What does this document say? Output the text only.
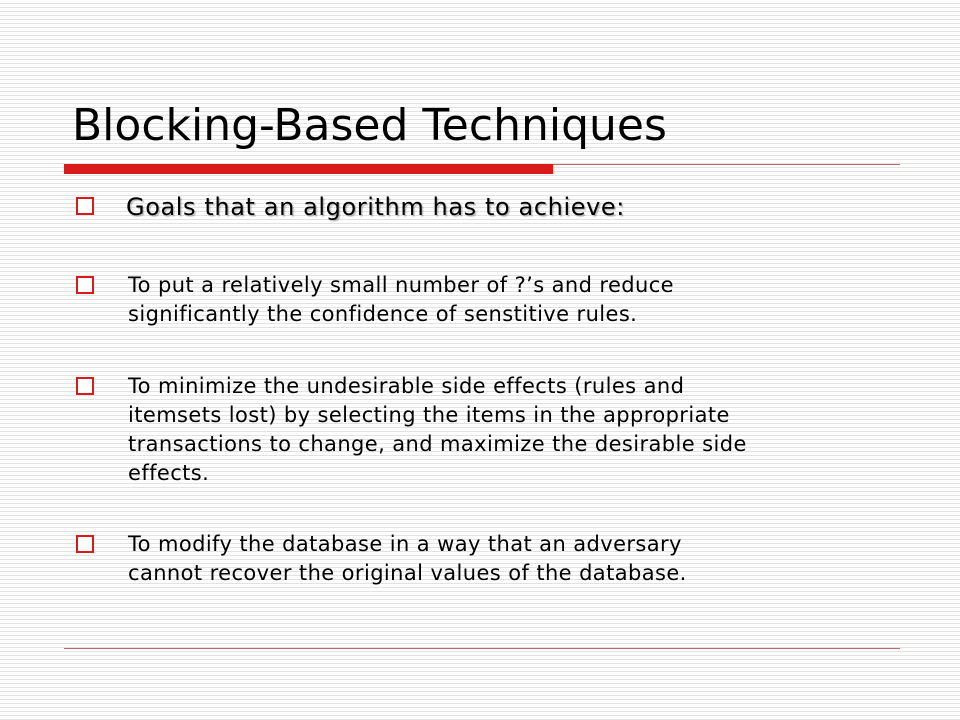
Blocking-Based Techniques
Goals that an algorithm has to achieve:
To put a relatively small number of ?’s and reduce
significantly the confidence of senstitive rules.
To minimize the undesirable side effects (rules and
itemsets lost) by selecting the items in the appropriate
transactions to change, and maximize the desirable side
effects.
To modify the database in a way that an adversary
cannot recover the original values of the database.
